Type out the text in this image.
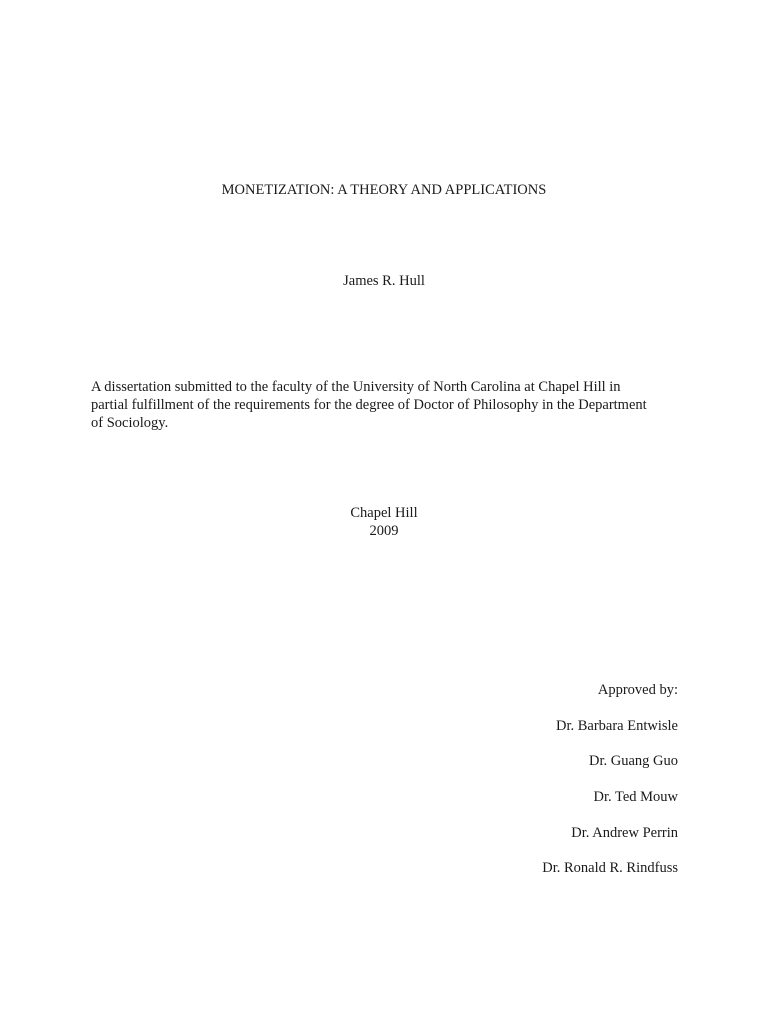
MONETIZATION: A THEORY AND APPLICATIONS
James R. Hull
A dissertation submitted to the faculty of the University of North Carolina at Chapel Hill in
partial fulfillment of the requirements for the degree of Doctor of Philosophy in the Department
of Sociology.
Chapel Hill
2009
Approved by:
Dr. Barbara Entwisle
Dr. Guang Guo
Dr. Ted Mouw
Dr. Andrew Perrin
Dr. Ronald R. Rindfuss
